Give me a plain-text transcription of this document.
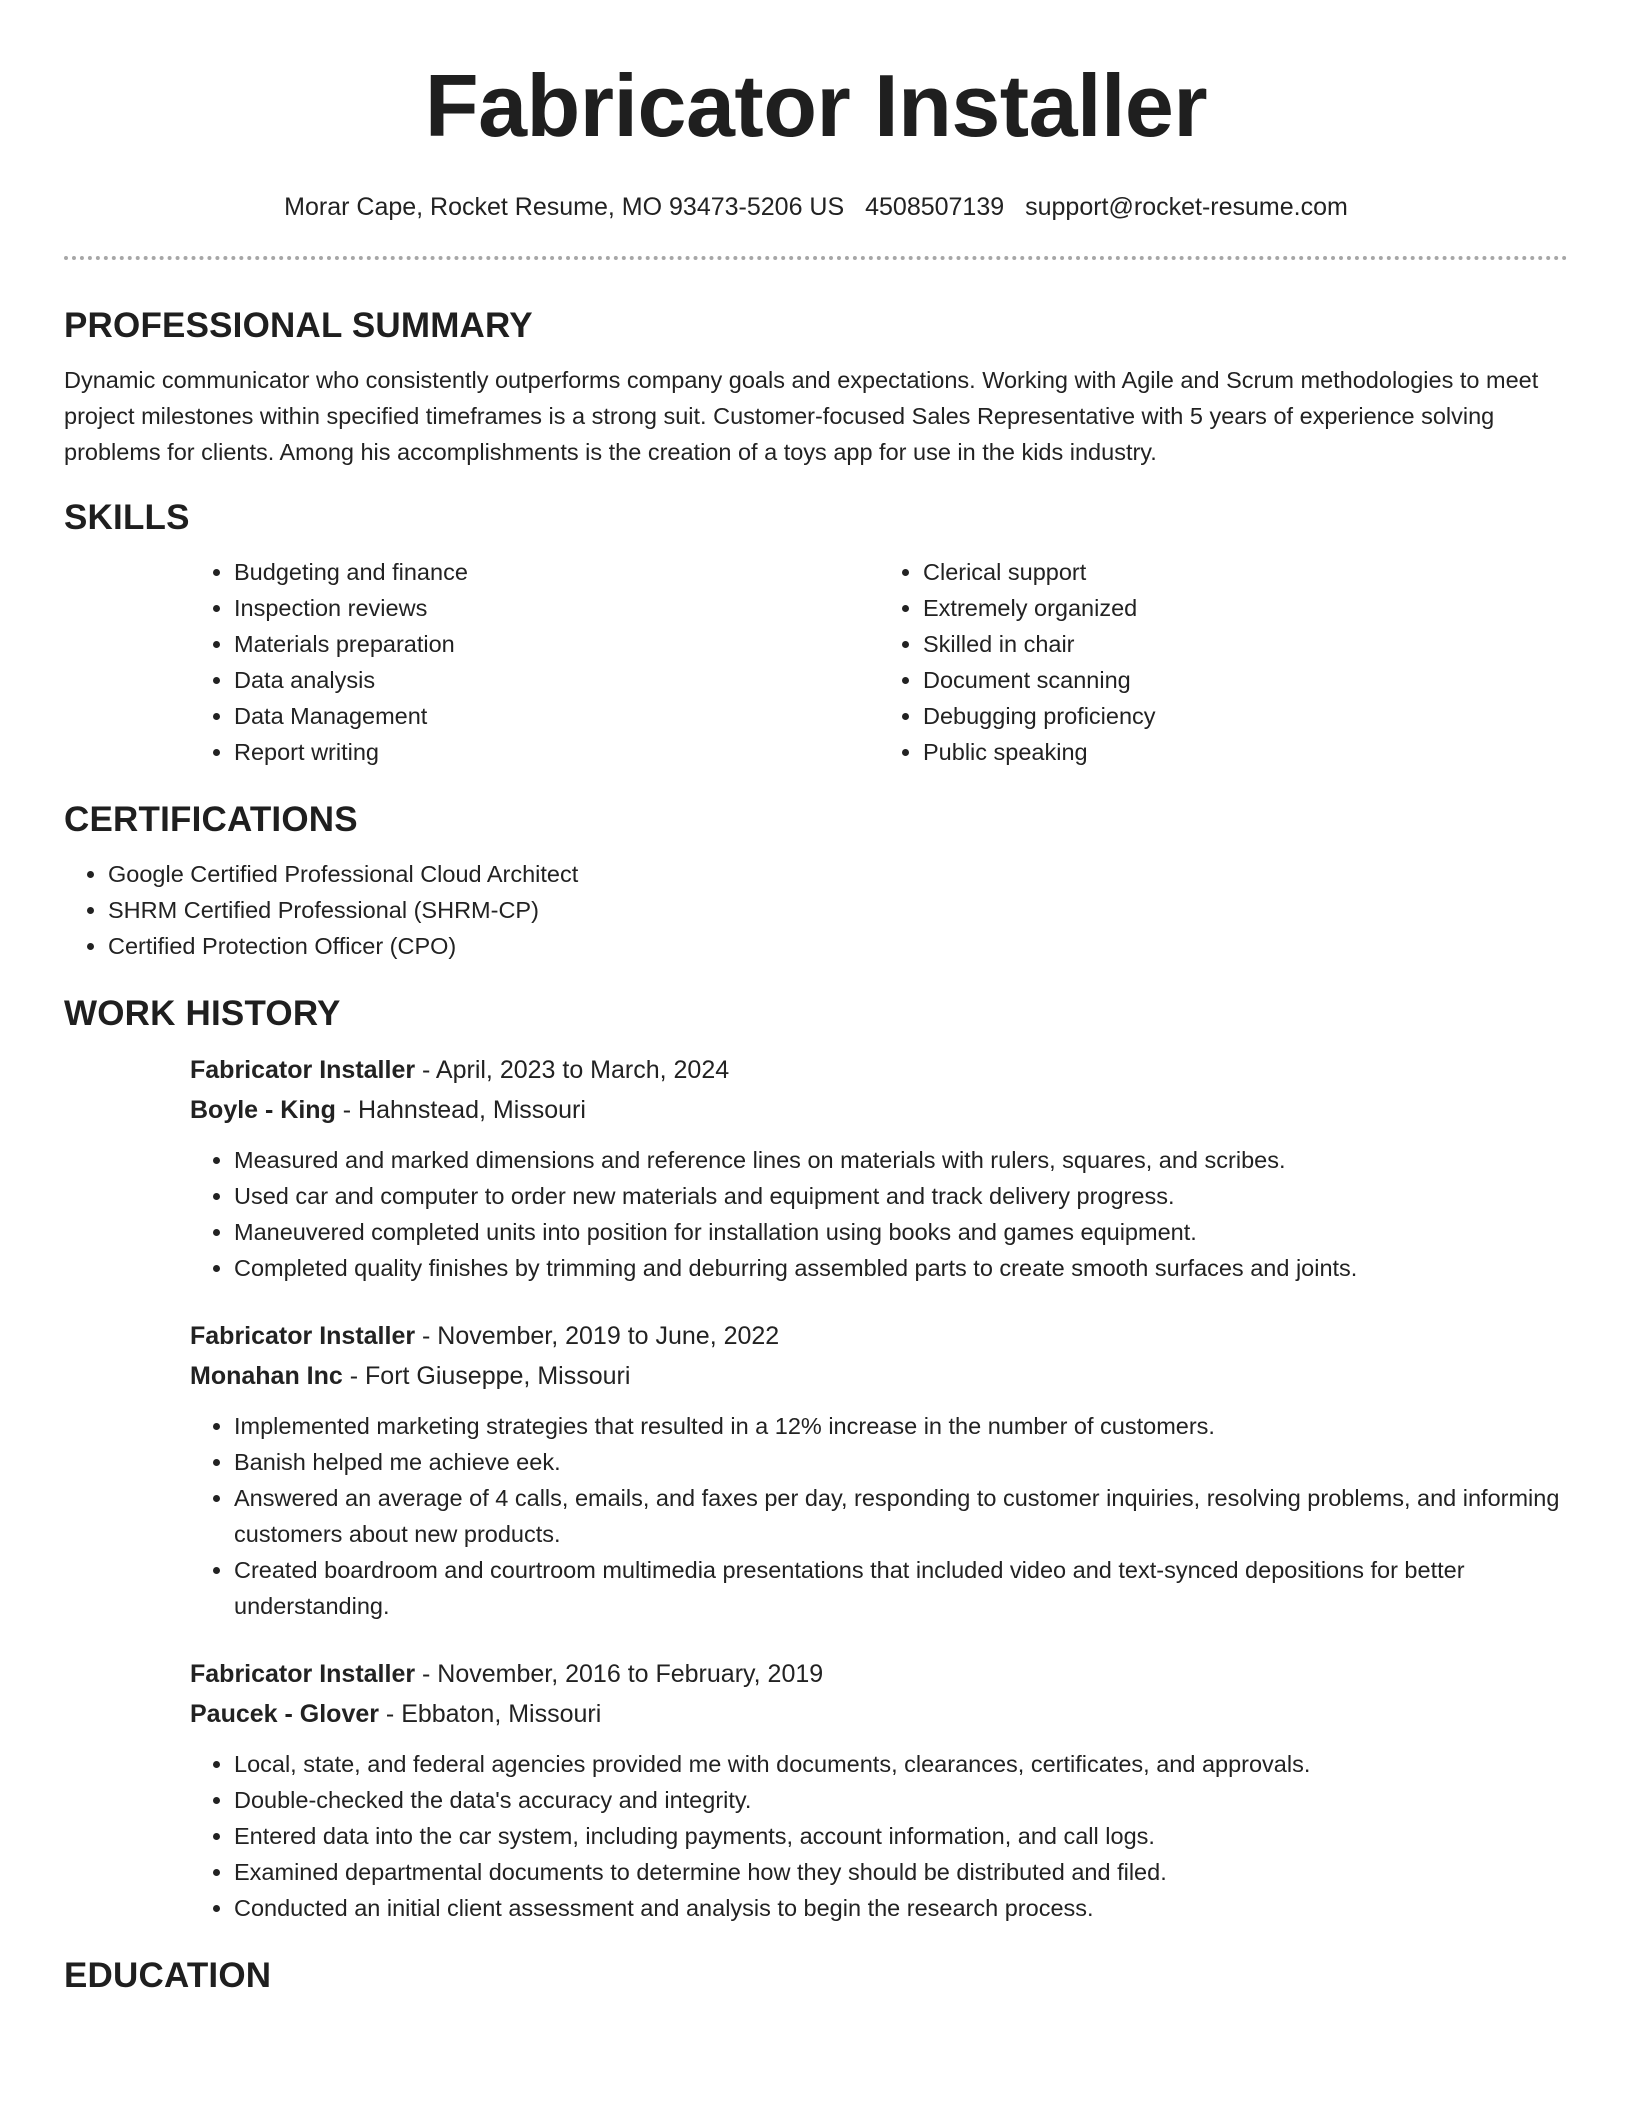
Fabricator Installer
Morar Cape, Rocket Resume, MO 93473-5206 US 4508507139 support@rocket-resume.com
PROFESSIONAL SUMMARY

Dynamic communicator who consistently outperforms company goals and expectations. Working with Agile and Scrum methodologies to meet project milestones within specified timeframes is a strong suit. Customer-focused Sales Representative with 5 years of experience solving problems for clients. Among his accomplishments is the creation of a toys app for use in the kids industry.

SKILLS
• Budgeting and finance
• Inspection reviews
• Materials preparation
• Data analysis
• Data Management
• Report writing
• Clerical support
• Extremely organized
• Skilled in chair
• Document scanning
• Debugging proficiency
• Public speaking
CERTIFICATIONS
• Google Certified Professional Cloud Architect
• SHRM Certified Professional (SHRM-CP)
• Certified Protection Officer (CPO)
WORK HISTORY
Fabricator Installer - April, 2023 to March, 2024
Boyle - King - Hahnstead, Missouri
• Measured and marked dimensions and reference lines on materials with rulers, squares, and scribes.
• Used car and computer to order new materials and equipment and track delivery progress.
• Maneuvered completed units into position for installation using books and games equipment.
• Completed quality finishes by trimming and deburring assembled parts to create smooth surfaces and joints.
Fabricator Installer - November, 2019 to June, 2022
Monahan Inc - Fort Giuseppe, Missouri
• Implemented marketing strategies that resulted in a 12% increase in the number of customers.
• Banish helped me achieve eek.
• Answered an average of 4 calls, emails, and faxes per day, responding to customer inquiries, resolving problems, and informing customers about new products.
• Created boardroom and courtroom multimedia presentations that included video and text-synced depositions for better understanding.
Fabricator Installer - November, 2016 to February, 2019
Paucek - Glover - Ebbaton, Missouri
• Local, state, and federal agencies provided me with documents, clearances, certificates, and approvals.
• Double-checked the data's accuracy and integrity.
• Entered data into the car system, including payments, account information, and call logs.
• Examined departmental documents to determine how they should be distributed and filed.
• Conducted an initial client assessment and analysis to begin the research process.
EDUCATION
